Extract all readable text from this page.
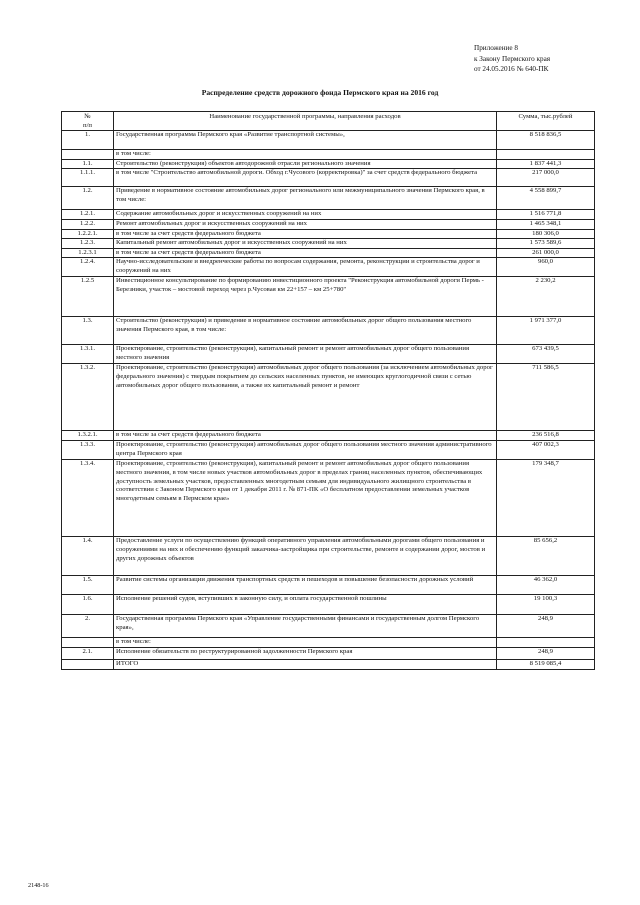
Приложение 8
к Закону Пермского края
от 24.05.2016 № 640-ПК
Распределение средств дорожного фонда Пермского края на 2016 год
№
п/п	Наименование государственной программы, направления расходов	Сумма, тыс.рублей
1.	Государственная программа Пермского края «Развитие транспортной системы»,	8 518 836,5
	в том числе:	
1.1.	Строительство (реконструкция) объектов автодорожной отрасли регионального значения	1 837 441,3
1.1.1.	в том числе "Строительство автомобильной дороги. Обход г.Чусового (корректировка)" за счет средств федерального бюджета	217 000,0
1.2.	Приведение в нормативное состояние автомобильных дорог регионального или межмуниципального значения Пермского края, в том числе:	4 558 899,7
1.2.1.	Содержание автомобильных дорог и искусственных сооружений на них	1 516 771,8
1.2.2.	Ремонт автомобильных дорог и искусственных сооружений на них	1 465 348,1
1.2.2.1.	в том числе за счет средств федерального бюджета	180 306,0
1.2.3.	Капитальный ремонт автомобильных дорог и искусственных сооружений на них	1 573 589,6
1.2.3.1	в том числе за счет средств федерального бюджета	261 000,0
1.2.4.	Научно-исследовательские и внедренческие работы по вопросам содержания, ремонта, реконструкции и строительства дорог и сооружений на них	960,0
1.2.5	Инвестиционное консультирование по формированию инвестиционного проекта "Реконструкция автомобильной дороги Пермь - Березники, участок – мостовой переход через р.Чусовая км 22+157 – км 25+780"	2 230,2
1.3.	Строительство (реконструкция) и приведение в нормативное состояние автомобильных дорог общего пользования местного значения Пермского края, в том числе:	1 971 377,0
1.3.1.	Проектирование, строительство (реконструкция), капитальный ремонт и ремонт автомобильных дорог общего пользования местного значения	673 439,5
1.3.2.	Проектирование, строительство (реконструкция) автомобильных дорог общего пользования (за исключением автомобильных дорог федерального значения) с твердым покрытием до сельских населенных пунктов, не имеющих круглогодичной связи с сетью автомобильных дорог общего пользования, а также их капитальный ремонт и ремонт	711 586,5
1.3.2.1.	в том числе за счет средств федерального бюджета	236 516,8
1.3.3.	Проектирование, строительство (реконструкция) автомобильных дорог общего пользования местного значения административного центра Пермского края	407 002,3
1.3.4.	Проектирование, строительство (реконструкция), капитальный ремонт и ремонт автомобильных дорог общего пользования местного значения, в том числе новых участков автомобильных дорог в пределах границ населенных пунктов, обеспечивающих доступность земельных участков, предоставленных многодетным семьям для индивидуального жилищного строительства в соответствии с Законом Пермского края от 1 декабря 2011 г. № 871-ПК «О бесплатном предоставлении земельных участков многодетным семьям в Пермском крае»	179 348,7
1.4.	Предоставление услуги по осуществлению функций оперативного управления автомобильными дорогами общего пользования и сооружениями на них и обеспечению функций заказчика-застройщика при строительстве, ремонте и содержании дорог, мостов и других дорожных объектов	85 656,2
1.5.	Развитие системы организации движения транспортных средств и пешеходов и повышение безопасности дорожных условий	46 362,0
1.6.	Исполнение решений судов, вступивших в законную силу, и оплата государственной пошлины	19 100,3
2.	Государственная программа Пермского края «Управление государственными финансами и государственным долгом Пермского края»,	248,9
	в том числе:	
2.1.	Исполнение обязательств по реструктурированной задолженности Пермского края	248,9
	ИТОГО	8 519 085,4
2148-16
